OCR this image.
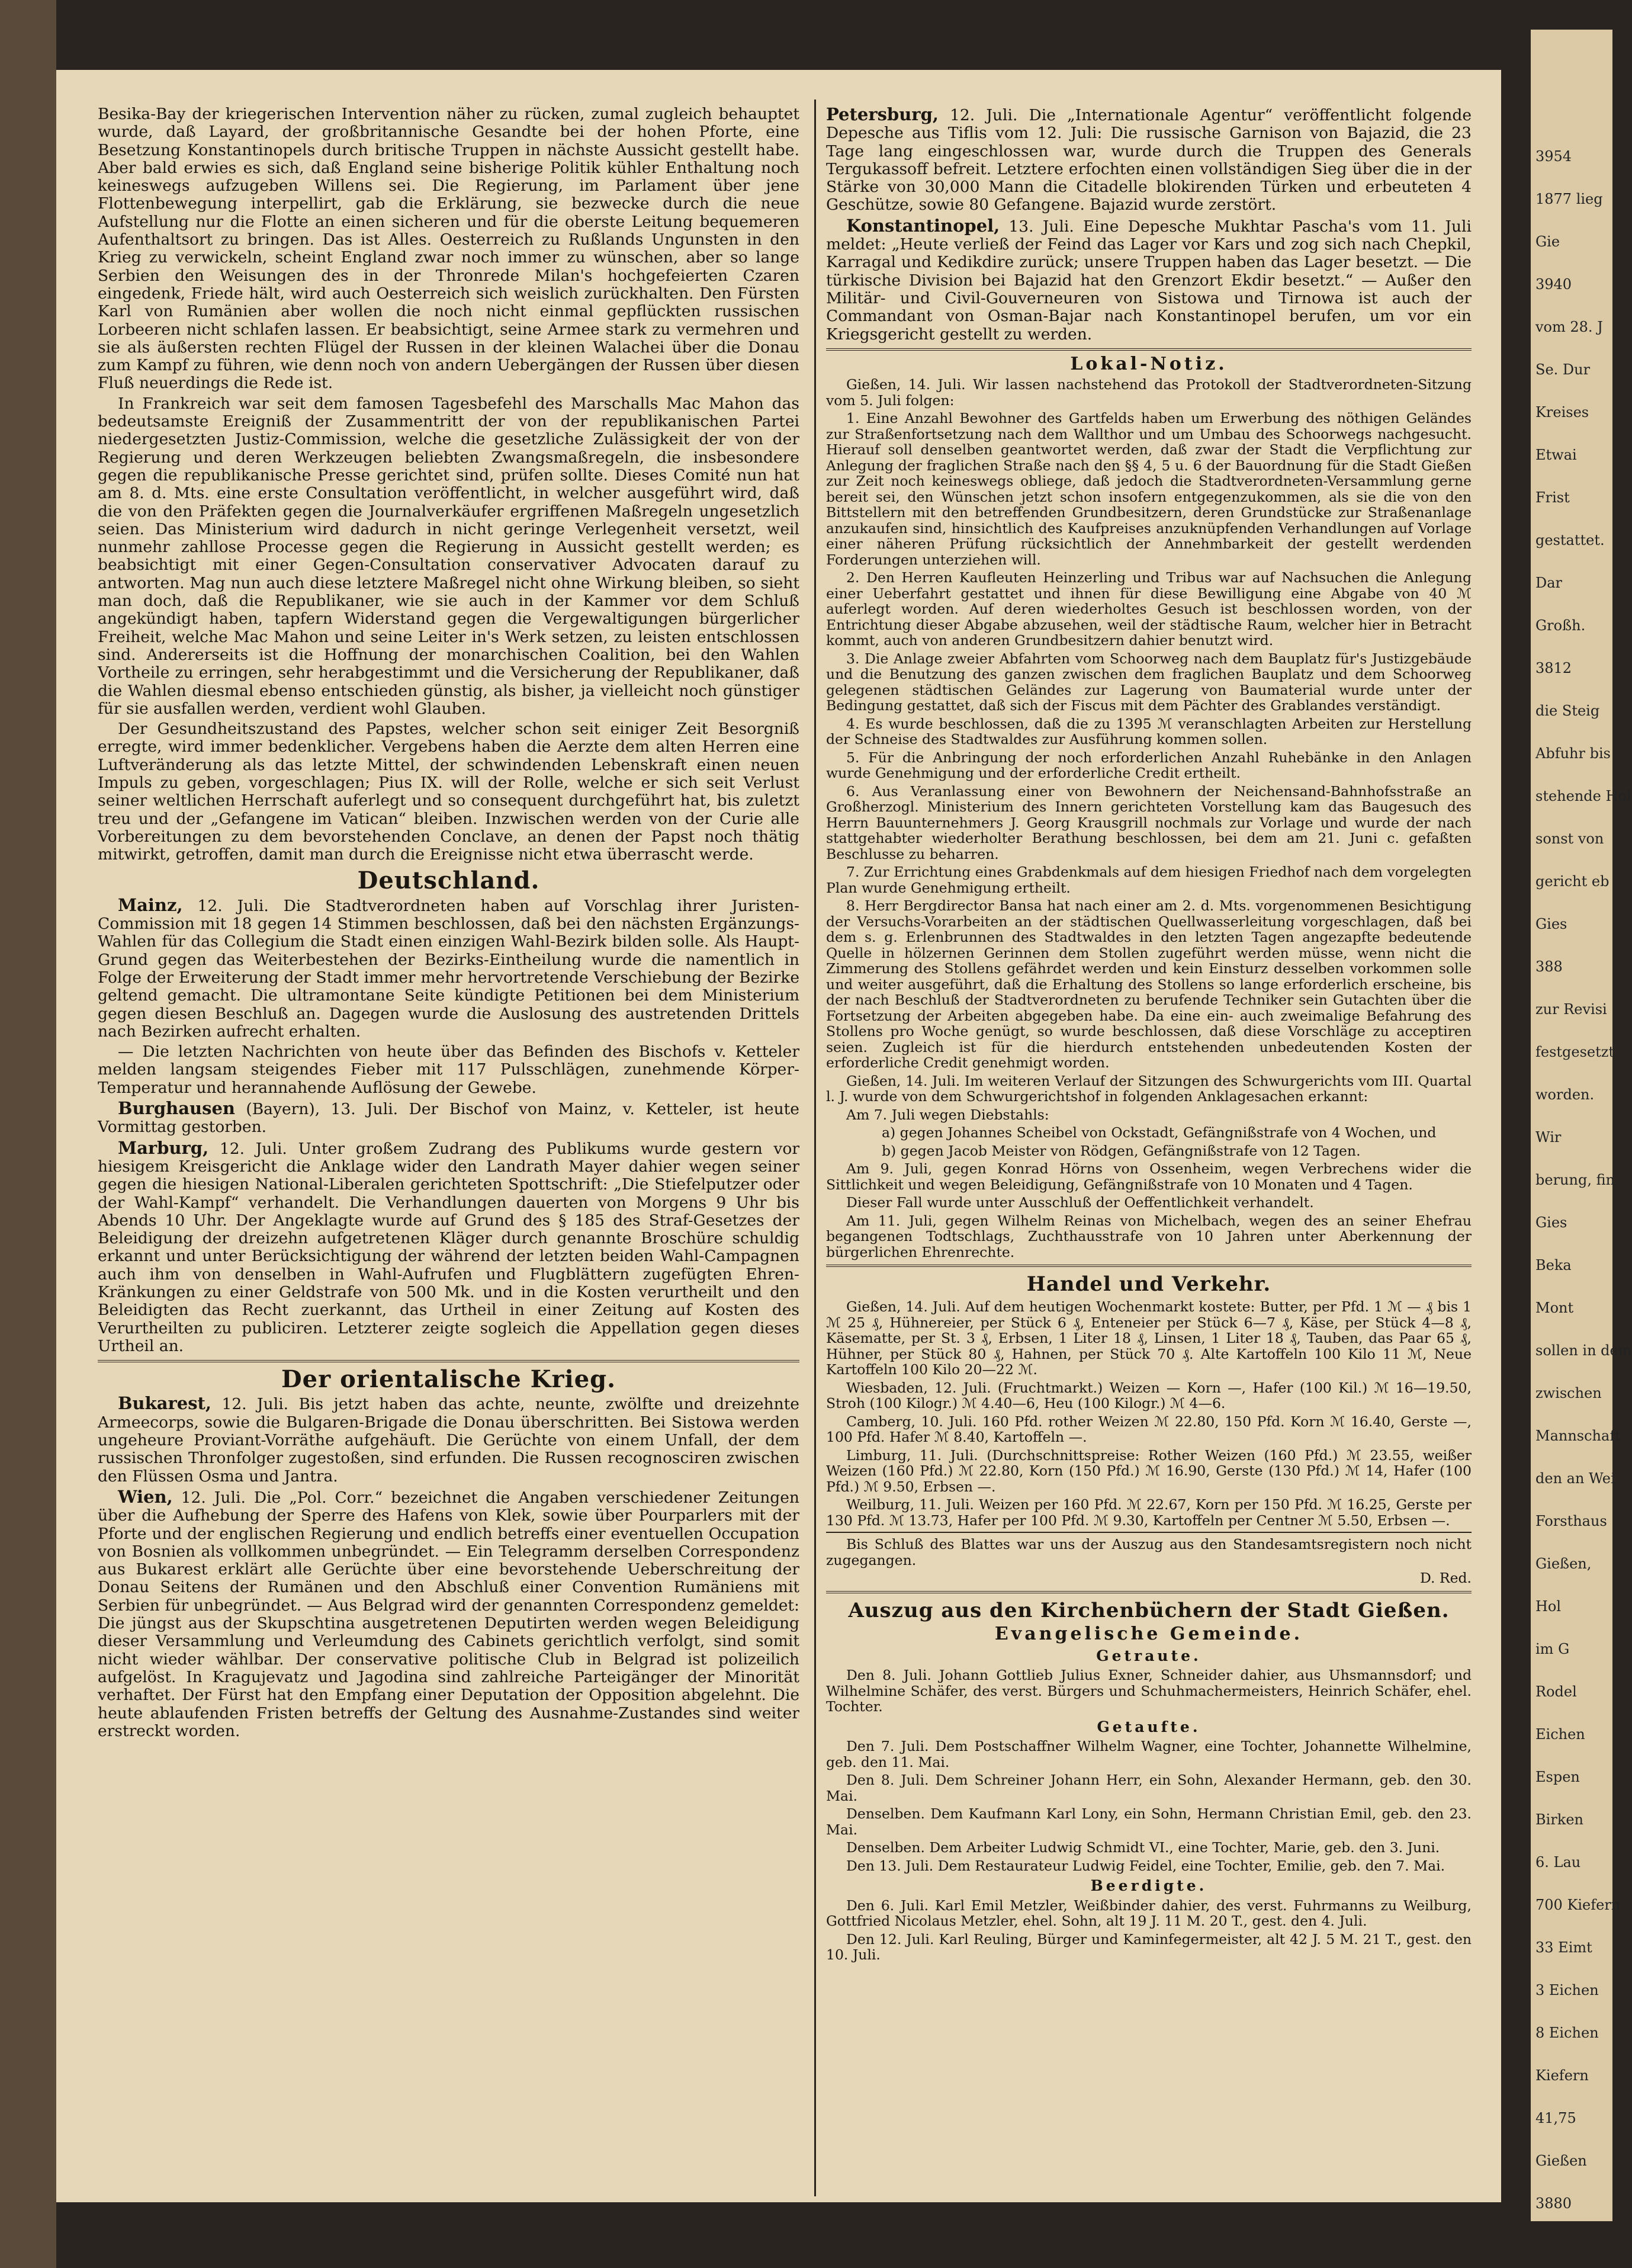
Besika-Bay der kriegerischen Intervention näher zu rücken, zumal zugleich behauptet wurde, daß Layard, der großbritannische Gesandte bei der hohen Pforte, eine Besetzung Konstantinopels durch britische Truppen in nächste Aussicht gestellt habe. Aber bald erwies es sich, daß England seine bisherige Politik kühler Enthaltung noch keineswegs aufzugeben Willens sei. Die Regierung, im Parlament über jene Flottenbewegung interpellirt, gab die Erklärung, sie bezwecke durch die neue Aufstellung nur die Flotte an einen sicheren und für die oberste Leitung bequemeren Aufenthaltsort zu bringen. Das ist Alles. Oesterreich zu Rußlands Ungunsten in den Krieg zu verwickeln, scheint England zwar noch immer zu wünschen, aber so lange Serbien den Weisungen des in der Thronrede Milan's hochgefeierten Czaren eingedenk, Friede hält, wird auch Oesterreich sich weislich zurückhalten. Den Fürsten Karl von Rumänien aber wollen die noch nicht einmal gepflückten russischen Lorbeeren nicht schlafen lassen. Er beabsichtigt, seine Armee stark zu vermehren und sie als äußersten rechten Flügel der Russen in der kleinen Walachei über die Donau zum Kampf zu führen, wie denn noch von andern Uebergängen der Russen über diesen Fluß neuerdings die Rede ist.

In Frankreich war seit dem famosen Tagesbefehl des Marschalls Mac Mahon das bedeutsamste Ereigniß der Zusammentritt der von der republikanischen Partei niedergesetzten Justiz-Commission, welche die gesetzliche Zulässigkeit der von der Regierung und deren Werkzeugen beliebten Zwangsmaßregeln, die insbesondere gegen die republikanische Presse gerichtet sind, prüfen sollte. Dieses Comité nun hat am 8. d. Mts. eine erste Consultation veröffentlicht, in welcher ausgeführt wird, daß die von den Präfekten gegen die Journalverkäufer ergriffenen Maßregeln ungesetzlich seien. Das Ministerium wird dadurch in nicht geringe Verlegenheit versetzt, weil nunmehr zahllose Processe gegen die Regierung in Aussicht gestellt werden; es beabsichtigt mit einer Gegen-Consultation conservativer Advocaten darauf zu antworten. Mag nun auch diese letztere Maßregel nicht ohne Wirkung bleiben, so sieht man doch, daß die Republikaner, wie sie auch in der Kammer vor dem Schluß angekündigt haben, tapfern Widerstand gegen die Vergewaltigungen bürgerlicher Freiheit, welche Mac Mahon und seine Leiter in's Werk setzen, zu leisten entschlossen sind. Andererseits ist die Hoffnung der monarchischen Coalition, bei den Wahlen Vortheile zu erringen, sehr herabgestimmt und die Versicherung der Republikaner, daß die Wahlen diesmal ebenso entschieden günstig, als bisher, ja vielleicht noch günstiger für sie ausfallen werden, verdient wohl Glauben.

Der Gesundheitszustand des Papstes, welcher schon seit einiger Zeit Besorgniß erregte, wird immer bedenklicher. Vergebens haben die Aerzte dem alten Herren eine Luftveränderung als das letzte Mittel, der schwindenden Lebenskraft einen neuen Impuls zu geben, vorgeschlagen; Pius IX. will der Rolle, welche er sich seit Verlust seiner weltlichen Herrschaft auferlegt und so consequent durchgeführt hat, bis zuletzt treu und der „Gefangene im Vatican“ bleiben. Inzwischen werden von der Curie alle Vorbereitungen zu dem bevorstehenden Conclave, an denen der Papst noch thätig mitwirkt, getroffen, damit man durch die Ereignisse nicht etwa überrascht werde.

Deutschland.

Mainz, 12. Juli. Die Stadtverordneten haben auf Vorschlag ihrer Juristen-Commission mit 18 gegen 14 Stimmen beschlossen, daß bei den nächsten Ergänzungs-Wahlen für das Collegium die Stadt einen einzigen Wahl-Bezirk bilden solle. Als Haupt-Grund gegen das Weiterbestehen der Bezirks-Eintheilung wurde die namentlich in Folge der Erweiterung der Stadt immer mehr hervortretende Verschiebung der Bezirke geltend gemacht. Die ultramontane Seite kündigte Petitionen bei dem Ministerium gegen diesen Beschluß an. Dagegen wurde die Auslosung des austretenden Drittels nach Bezirken aufrecht erhalten.

— Die letzten Nachrichten von heute über das Befinden des Bischofs v. Ketteler melden langsam steigendes Fieber mit 117 Pulsschlägen, zunehmende Körper-Temperatur und herannahende Auflösung der Gewebe.

Burghausen (Bayern), 13. Juli. Der Bischof von Mainz, v. Ketteler, ist heute Vormittag gestorben.

Marburg, 12. Juli. Unter großem Zudrang des Publikums wurde gestern vor hiesigem Kreisgericht die Anklage wider den Landrath Mayer dahier wegen seiner gegen die hiesigen National-Liberalen gerichteten Spottschrift: „Die Stiefelputzer oder der Wahl-Kampf“ verhandelt. Die Verhandlungen dauerten von Morgens 9 Uhr bis Abends 10 Uhr. Der Angeklagte wurde auf Grund des § 185 des Straf-Gesetzes der Beleidigung der dreizehn aufgetretenen Kläger durch genannte Broschüre schuldig erkannt und unter Berücksichtigung der während der letzten beiden Wahl-Campagnen auch ihm von denselben in Wahl-Aufrufen und Flugblättern zugefügten Ehren-Kränkungen zu einer Geldstrafe von 500 Mk. und in die Kosten verurtheilt und den Beleidigten das Recht zuerkannt, das Urtheil in einer Zeitung auf Kosten des Verurtheilten zu publiciren. Letzterer zeigte sogleich die Appellation gegen dieses Urtheil an.

Der orientalische Krieg.

Bukarest, 12. Juli. Bis jetzt haben das achte, neunte, zwölfte und dreizehnte Armeecorps, sowie die Bulgaren-Brigade die Donau überschritten. Bei Sistowa werden ungeheure Proviant-Vorräthe aufgehäuft. Die Gerüchte von einem Unfall, der dem russischen Thronfolger zugestoßen, sind erfunden. Die Russen recognosciren zwischen den Flüssen Osma und Jantra.

Wien, 12. Juli. Die „Pol. Corr.“ bezeichnet die Angaben verschiedener Zeitungen über die Aufhebung der Sperre des Hafens von Klek, sowie über Pourparlers mit der Pforte und der englischen Regierung und endlich betreffs einer eventuellen Occupation von Bosnien als vollkommen unbegründet. — Ein Telegramm derselben Correspondenz aus Bukarest erklärt alle Gerüchte über eine bevorstehende Ueberschreitung der Donau Seitens der Rumänen und den Abschluß einer Convention Rumäniens mit Serbien für unbegründet. — Aus Belgrad wird der genannten Correspondenz gemeldet: Die jüngst aus der Skupschtina ausgetretenen Deputirten werden wegen Beleidigung dieser Versammlung und Verleumdung des Cabinets gerichtlich verfolgt, sind somit nicht wieder wählbar. Der conservative politische Club in Belgrad ist polizeilich aufgelöst. In Kragujevatz und Jagodina sind zahlreiche Parteigänger der Minorität verhaftet. Der Fürst hat den Empfang einer Deputation der Opposition abgelehnt. Die heute ablaufenden Fristen betreffs der Geltung des Ausnahme-Zustandes sind weiter erstreckt worden.

Petersburg, 12. Juli. Die „Internationale Agentur“ veröffentlicht folgende Depesche aus Tiflis vom 12. Juli: Die russische Garnison von Bajazid, die 23 Tage lang eingeschlossen war, wurde durch die Truppen des Generals Tergukassoff befreit. Letztere erfochten einen vollständigen Sieg über die in der Stärke von 30,000 Mann die Citadelle blokirenden Türken und erbeuteten 4 Geschütze, sowie 80 Gefangene. Bajazid wurde zerstört.

Konstantinopel, 13. Juli. Eine Depesche Mukhtar Pascha's vom 11. Juli meldet: „Heute verließ der Feind das Lager vor Kars und zog sich nach Chepkil, Karragal und Kedikdire zurück; unsere Truppen haben das Lager besetzt. — Die türkische Division bei Bajazid hat den Grenzort Ekdir besetzt.“ — Außer den Militär- und Civil-Gouverneuren von Sistowa und Tirnowa ist auch der Commandant von Osman-Bajar nach Konstantinopel berufen, um vor ein Kriegsgericht gestellt zu werden.

Lokal-Notiz.

Gießen, 14. Juli. Wir lassen nachstehend das Protokoll der Stadtverordneten-Sitzung vom 5. Juli folgen:

1. Eine Anzahl Bewohner des Gartfelds haben um Erwerbung des nöthigen Geländes zur Straßenfortsetzung nach dem Wallthor und um Umbau des Schoorwegs nachgesucht. Hierauf soll denselben geantwortet werden, daß zwar der Stadt die Verpflichtung zur Anlegung der fraglichen Straße nach den §§ 4, 5 u. 6 der Bauordnung für die Stadt Gießen zur Zeit noch keineswegs obliege, daß jedoch die Stadtverordneten-Versammlung gerne bereit sei, den Wünschen jetzt schon insofern entgegenzukommen, als sie die von den Bittstellern mit den betreffenden Grundbesitzern, deren Grundstücke zur Straßenanlage anzukaufen sind, hinsichtlich des Kaufpreises anzuknüpfenden Verhandlungen auf Vorlage einer näheren Prüfung rücksichtlich der Annehmbarkeit der gestellt werdenden Forderungen unterziehen will.

2. Den Herren Kaufleuten Heinzerling und Tribus war auf Nachsuchen die Anlegung einer Ueberfahrt gestattet und ihnen für diese Bewilligung eine Abgabe von 40 ℳ auferlegt worden. Auf deren wiederholtes Gesuch ist beschlossen worden, von der Entrichtung dieser Abgabe abzusehen, weil der städtische Raum, welcher hier in Betracht kommt, auch von anderen Grundbesitzern dahier benutzt wird.

3. Die Anlage zweier Abfahrten vom Schoorweg nach dem Bauplatz für's Justizgebäude und die Benutzung des ganzen zwischen dem fraglichen Bauplatz und dem Schoorweg gelegenen städtischen Geländes zur Lagerung von Baumaterial wurde unter der Bedingung gestattet, daß sich der Fiscus mit dem Pächter des Grablandes verständigt.

4. Es wurde beschlossen, daß die zu 1395 ℳ veranschlagten Arbeiten zur Herstellung der Schneise des Stadtwaldes zur Ausführung kommen sollen.

5. Für die Anbringung der noch erforderlichen Anzahl Ruhebänke in den Anlagen wurde Genehmigung und der erforderliche Credit ertheilt.

6. Aus Veranlassung einer von Bewohnern der Neichensand-Bahnhofsstraße an Großherzogl. Ministerium des Innern gerichteten Vorstellung kam das Baugesuch des Herrn Bauunternehmers J. Georg Krausgrill nochmals zur Vorlage und wurde der nach stattgehabter wiederholter Berathung beschlossen, bei dem am 21. Juni c. gefaßten Beschlusse zu beharren.

7. Zur Errichtung eines Grabdenkmals auf dem hiesigen Friedhof nach dem vorgelegten Plan wurde Genehmigung ertheilt.

8. Herr Bergdirector Bansa hat nach einer am 2. d. Mts. vorgenommenen Besichtigung der Versuchs-Vorarbeiten an der städtischen Quellwasserleitung vorgeschlagen, daß bei dem s. g. Erlenbrunnen des Stadtwaldes in den letzten Tagen angezapfte bedeutende Quelle in hölzernen Gerinnen dem Stollen zugeführt werden müsse, wenn nicht die Zimmerung des Stollens gefährdet werden und kein Einsturz desselben vorkommen solle und weiter ausgeführt, daß die Erhaltung des Stollens so lange erforderlich erscheine, bis der nach Beschluß der Stadtverordneten zu berufende Techniker sein Gutachten über die Fortsetzung der Arbeiten abgegeben habe. Da eine ein- auch zweimalige Befahrung des Stollens pro Woche genügt, so wurde beschlossen, daß diese Vorschläge zu acceptiren seien. Zugleich ist für die hierdurch entstehenden unbedeutenden Kosten der erforderliche Credit genehmigt worden.

Gießen, 14. Juli. Im weiteren Verlauf der Sitzungen des Schwurgerichts vom III. Quartal l. J. wurde von dem Schwurgerichtshof in folgenden Anklagesachen erkannt:

Am 7. Juli wegen Diebstahls:

a) gegen Johannes Scheibel von Ockstadt, Gefängnißstrafe von 4 Wochen, und

b) gegen Jacob Meister von Rödgen, Gefängnißstrafe von 12 Tagen.

Am 9. Juli, gegen Konrad Hörns von Ossenheim, wegen Verbrechens wider die Sittlichkeit und wegen Beleidigung, Gefängnißstrafe von 10 Monaten und 4 Tagen.

Dieser Fall wurde unter Ausschluß der Oeffentlichkeit verhandelt.

Am 11. Juli, gegen Wilhelm Reinas von Michelbach, wegen des an seiner Ehefrau begangenen Todtschlags, Zuchthausstrafe von 10 Jahren unter Aberkennung der bürgerlichen Ehrenrechte.

Handel und Verkehr.

Gießen, 14. Juli. Auf dem heutigen Wochenmarkt kostete: Butter, per Pfd. 1 ℳ — ₰ bis 1 ℳ 25 ₰, Hühnereier, per Stück 6 ₰, Enteneier per Stück 6—7 ₰, Käse, per Stück 4—8 ₰, Käsematte, per St. 3 ₰, Erbsen, 1 Liter 18 ₰, Linsen, 1 Liter 18 ₰, Tauben, das Paar 65 ₰, Hühner, per Stück 80 ₰, Hahnen, per Stück 70 ₰. Alte Kartoffeln 100 Kilo 11 ℳ, Neue Kartoffeln 100 Kilo 20—22 ℳ.

Wiesbaden, 12. Juli. (Fruchtmarkt.) Weizen — Korn —, Hafer (100 Kil.) ℳ 16—19.50, Stroh (100 Kilogr.) ℳ 4.40—6, Heu (100 Kilogr.) ℳ 4—6.

Camberg, 10. Juli. 160 Pfd. rother Weizen ℳ 22.80, 150 Pfd. Korn ℳ 16.40, Gerste —, 100 Pfd. Hafer ℳ 8.40, Kartoffeln —.

Limburg, 11. Juli. (Durchschnittspreise: Rother Weizen (160 Pfd.) ℳ 23.55, weißer Weizen (160 Pfd.) ℳ 22.80, Korn (150 Pfd.) ℳ 16.90, Gerste (130 Pfd.) ℳ 14, Hafer (100 Pfd.) ℳ 9.50, Erbsen —.

Weilburg, 11. Juli. Weizen per 160 Pfd. ℳ 22.67, Korn per 150 Pfd. ℳ 16.25, Gerste per 130 Pfd. ℳ 13.73, Hafer per 100 Pfd. ℳ 9.30, Kartoffeln per Centner ℳ 5.50, Erbsen —.

Bis Schluß des Blattes war uns der Auszug aus den Standesamtsregistern noch nicht zugegangen.

D. Red.
Auszug aus den Kirchenbüchern der Stadt Gießen.
Evangelische Gemeinde.
Getraute.

Den 8. Juli. Johann Gottlieb Julius Exner, Schneider dahier, aus Uhsmannsdorf; und Wilhelmine Schäfer, des verst. Bürgers und Schuhmachermeisters, Heinrich Schäfer, ehel. Tochter.

Getaufte.

Den 7. Juli. Dem Postschaffner Wilhelm Wagner, eine Tochter, Johannette Wilhelmine, geb. den 11. Mai.

Den 8. Juli. Dem Schreiner Johann Herr, ein Sohn, Alexander Hermann, geb. den 30. Mai.

Denselben. Dem Kaufmann Karl Lony, ein Sohn, Hermann Christian Emil, geb. den 23. Mai.

Denselben. Dem Arbeiter Ludwig Schmidt VI., eine Tochter, Marie, geb. den 3. Juni.

Den 13. Juli. Dem Restaurateur Ludwig Feidel, eine Tochter, Emilie, geb. den 7. Mai.

Beerdigte.

Den 6. Juli. Karl Emil Metzler, Weißbinder dahier, des verst. Fuhrmanns zu Weilburg, Gottfried Nicolaus Metzler, ehel. Sohn, alt 19 J. 11 M. 20 T., gest. den 4. Juli.

Den 12. Juli. Karl Reuling, Bürger und Kaminfegermeister, alt 42 J. 5 M. 21 T., gest. den 10. Juli.

3954
1877 lieg
Gie
3940
vom 28. J
Se. Dur
Kreises
Etwai
Frist
gestattet.
Dar
Großh.
3812
die Steig
Abfuhr bis
stehende Hol
sonst von
gericht eb
Gies
388
zur Revisi
festgesetzt
worden.
Wir
berung, fin
Gies
Beka
Mont
sollen in dem
zwischen
Mannschaft
den an Wei
Forsthaus
Gießen,
Hol
im G
Rodel
Eichen
Espen
Birken
6. Lau
700 Kiefern
33 Eimt
3 Eichen
8 Eichen
Kiefern
41,75
Gießen
3880
